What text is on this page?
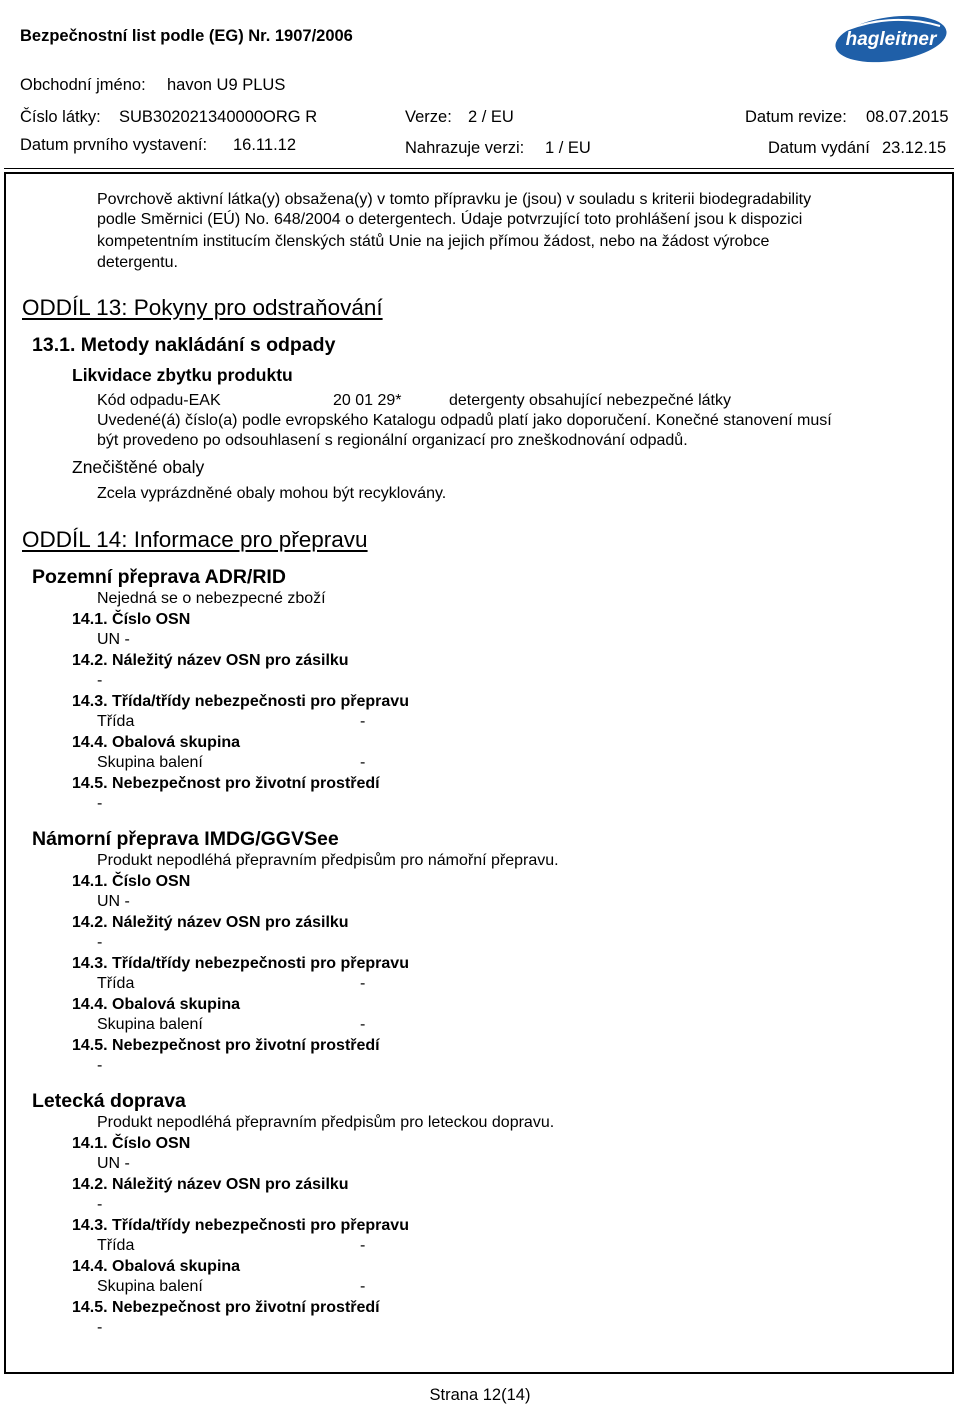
Bezpečnostní list podle (EG) Nr. 1907/2006	hagleitner
Obchodní jméno: havon U9 PLUS
Číslo látky: SUB302021340000ORG R	Verze: 2 / EU	Datum revize: 08.07.2015
Datum prvního vystavení: 16.11.12	Nahrazuje verzi: 1 / EU	Datum vydání 23.12.15
Povrchově aktivní látka(y) obsažena(y) v tomto přípravku je (jsou) v souladu s kriterii biodegradability
podle Směrnici (EÚ) No. 648/2004 o detergentech. Údaje potvrzující toto prohlášení jsou k dispozici
kompetentním institucím členských států Unie na jejich přímou žádost, nebo na žádost výrobce
detergentu.
ODDÍL 13: Pokyny pro odstraňování
13.1. Metody nakládání s odpady
Likvidace zbytku produktu
Kód odpadu-EAK	20 01 29*	detergenty obsahující nebezpečné látky
Uvedené(á) číslo(a) podle evropského Katalogu odpadů platí jako doporučení. Konečné stanovení musí
být provedeno po odsouhlasení s regionální organizací pro zneškodnování odpadů.
Znečištěné obaly
Zcela vyprázdněné obaly mohou být recyklovány.
ODDÍL 14: Informace pro přepravu
Pozemní přeprava ADR/RID
Nejedná se o nebezpecné zboží
14.1. Číslo OSN
UN -
14.2. Náležitý název OSN pro zásilku
-
14.3. Třída/třídy nebezpečnosti pro přepravu
Třída	-
14.4. Obalová skupina
Skupina balení	-
14.5. Nebezpečnost pro životní prostředí
-
Námorní přeprava IMDG/GGVSee
Produkt nepodléhá přepravním předpisům pro námořní přepravu.
14.1. Číslo OSN
UN -
14.2. Náležitý název OSN pro zásilku
-
14.3. Třída/třídy nebezpečnosti pro přepravu
Třída	-
14.4. Obalová skupina
Skupina balení	-
14.5. Nebezpečnost pro životní prostředí
-
Letecká doprava
Produkt nepodléhá přepravním předpisům pro leteckou dopravu.
14.1. Číslo OSN
UN -
14.2. Náležitý název OSN pro zásilku
-
14.3. Třída/třídy nebezpečnosti pro přepravu
Třída	-
14.4. Obalová skupina
Skupina balení	-
14.5. Nebezpečnost pro životní prostředí
-
Strana 12(14)
